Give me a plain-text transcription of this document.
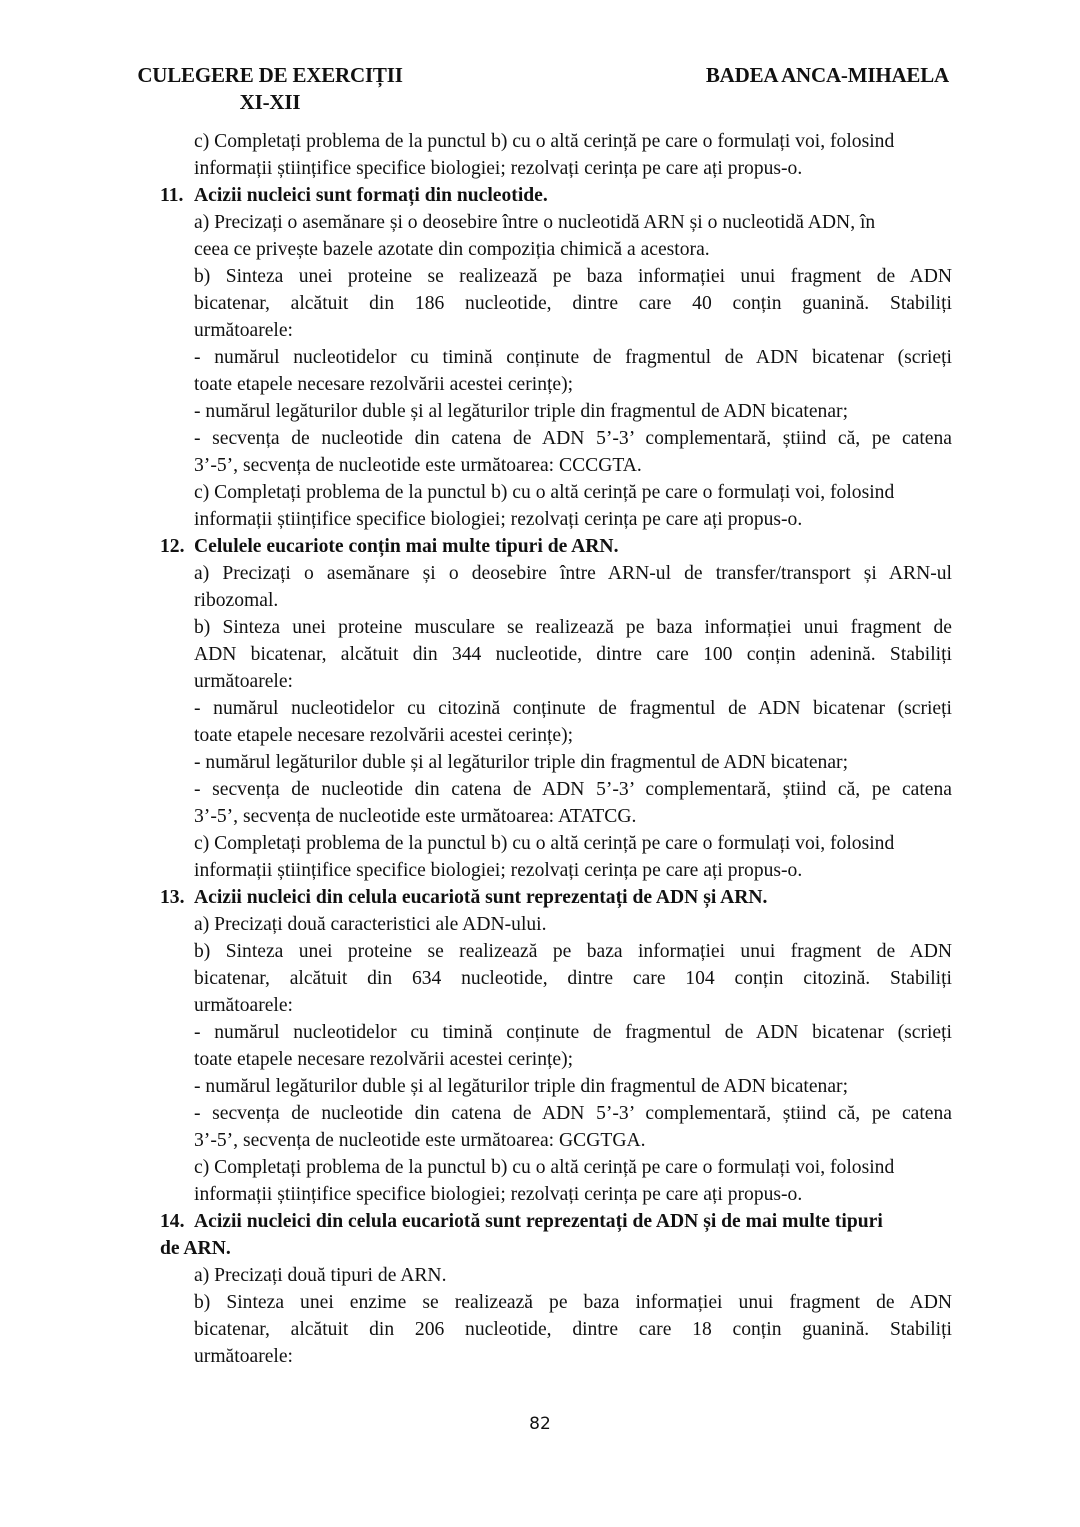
CULEGERE DE EXERCIȚII
XI-XII
BADEA ANCA-MIHAELA
c) Completați problema de la punctul b) cu o altă cerință pe care o formulați voi, folosind
informații științifice specifice biologiei; rezolvați cerința pe care ați propus-o.
11. Acizii nucleici sunt formați din nucleotide.
a) Precizați o asemănare și o deosebire între o nucleotidă ARN și o nucleotidă ADN, în
ceea ce privește bazele azotate din compoziția chimică a acestora.
b) Sinteza unei proteine se realizează pe baza informației unui fragment de ADN
bicatenar, alcătuit din 186 nucleotide, dintre care 40 conțin guanină. Stabiliți
următoarele:
- numărul nucleotidelor cu timină conținute de fragmentul de ADN bicatenar (scrieți
toate etapele necesare rezolvării acestei cerințe);
- numărul legăturilor duble și al legăturilor triple din fragmentul de ADN bicatenar;
- secvența de nucleotide din catena de ADN 5’-3’ complementară, știind că, pe catena
3’-5’, secvența de nucleotide este următoarea: CCCGTA.
c) Completați problema de la punctul b) cu o altă cerință pe care o formulați voi, folosind
informații științifice specifice biologiei; rezolvați cerința pe care ați propus-o.
12. Celulele eucariote conțin mai multe tipuri de ARN.
a) Precizați o asemănare și o deosebire între ARN-ul de transfer/transport și ARN-ul
ribozomal.
b) Sinteza unei proteine musculare se realizează pe baza informației unui fragment de
ADN bicatenar, alcătuit din 344 nucleotide, dintre care 100 conțin adenină. Stabiliți
următoarele:
- numărul nucleotidelor cu citozină conținute de fragmentul de ADN bicatenar (scrieți
toate etapele necesare rezolvării acestei cerințe);
- numărul legăturilor duble și al legăturilor triple din fragmentul de ADN bicatenar;
- secvența de nucleotide din catena de ADN 5’-3’ complementară, știind că, pe catena
3’-5’, secvența de nucleotide este următoarea: ATATCG.
c) Completați problema de la punctul b) cu o altă cerință pe care o formulați voi, folosind
informații științifice specifice biologiei; rezolvați cerința pe care ați propus-o.
13. Acizii nucleici din celula eucariotă sunt reprezentați de ADN și ARN.
a) Precizați două caracteristici ale ADN-ului.
b) Sinteza unei proteine se realizează pe baza informației unui fragment de ADN
bicatenar, alcătuit din 634 nucleotide, dintre care 104 conțin citozină. Stabiliți
următoarele:
- numărul nucleotidelor cu timină conținute de fragmentul de ADN bicatenar (scrieți
toate etapele necesare rezolvării acestei cerințe);
- numărul legăturilor duble și al legăturilor triple din fragmentul de ADN bicatenar;
- secvența de nucleotide din catena de ADN 5’-3’ complementară, știind că, pe catena
3’-5’, secvența de nucleotide este următoarea: GCGTGA.
c) Completați problema de la punctul b) cu o altă cerință pe care o formulați voi, folosind
informații științifice specifice biologiei; rezolvați cerința pe care ați propus-o.
14. Acizii nucleici din celula eucariotă sunt reprezentați de ADN și de mai multe tipuri
de ARN.
a) Precizați două tipuri de ARN.
b) Sinteza unei enzime se realizează pe baza informației unui fragment de ADN
bicatenar, alcătuit din 206 nucleotide, dintre care 18 conțin guanină. Stabiliți
următoarele:
82
